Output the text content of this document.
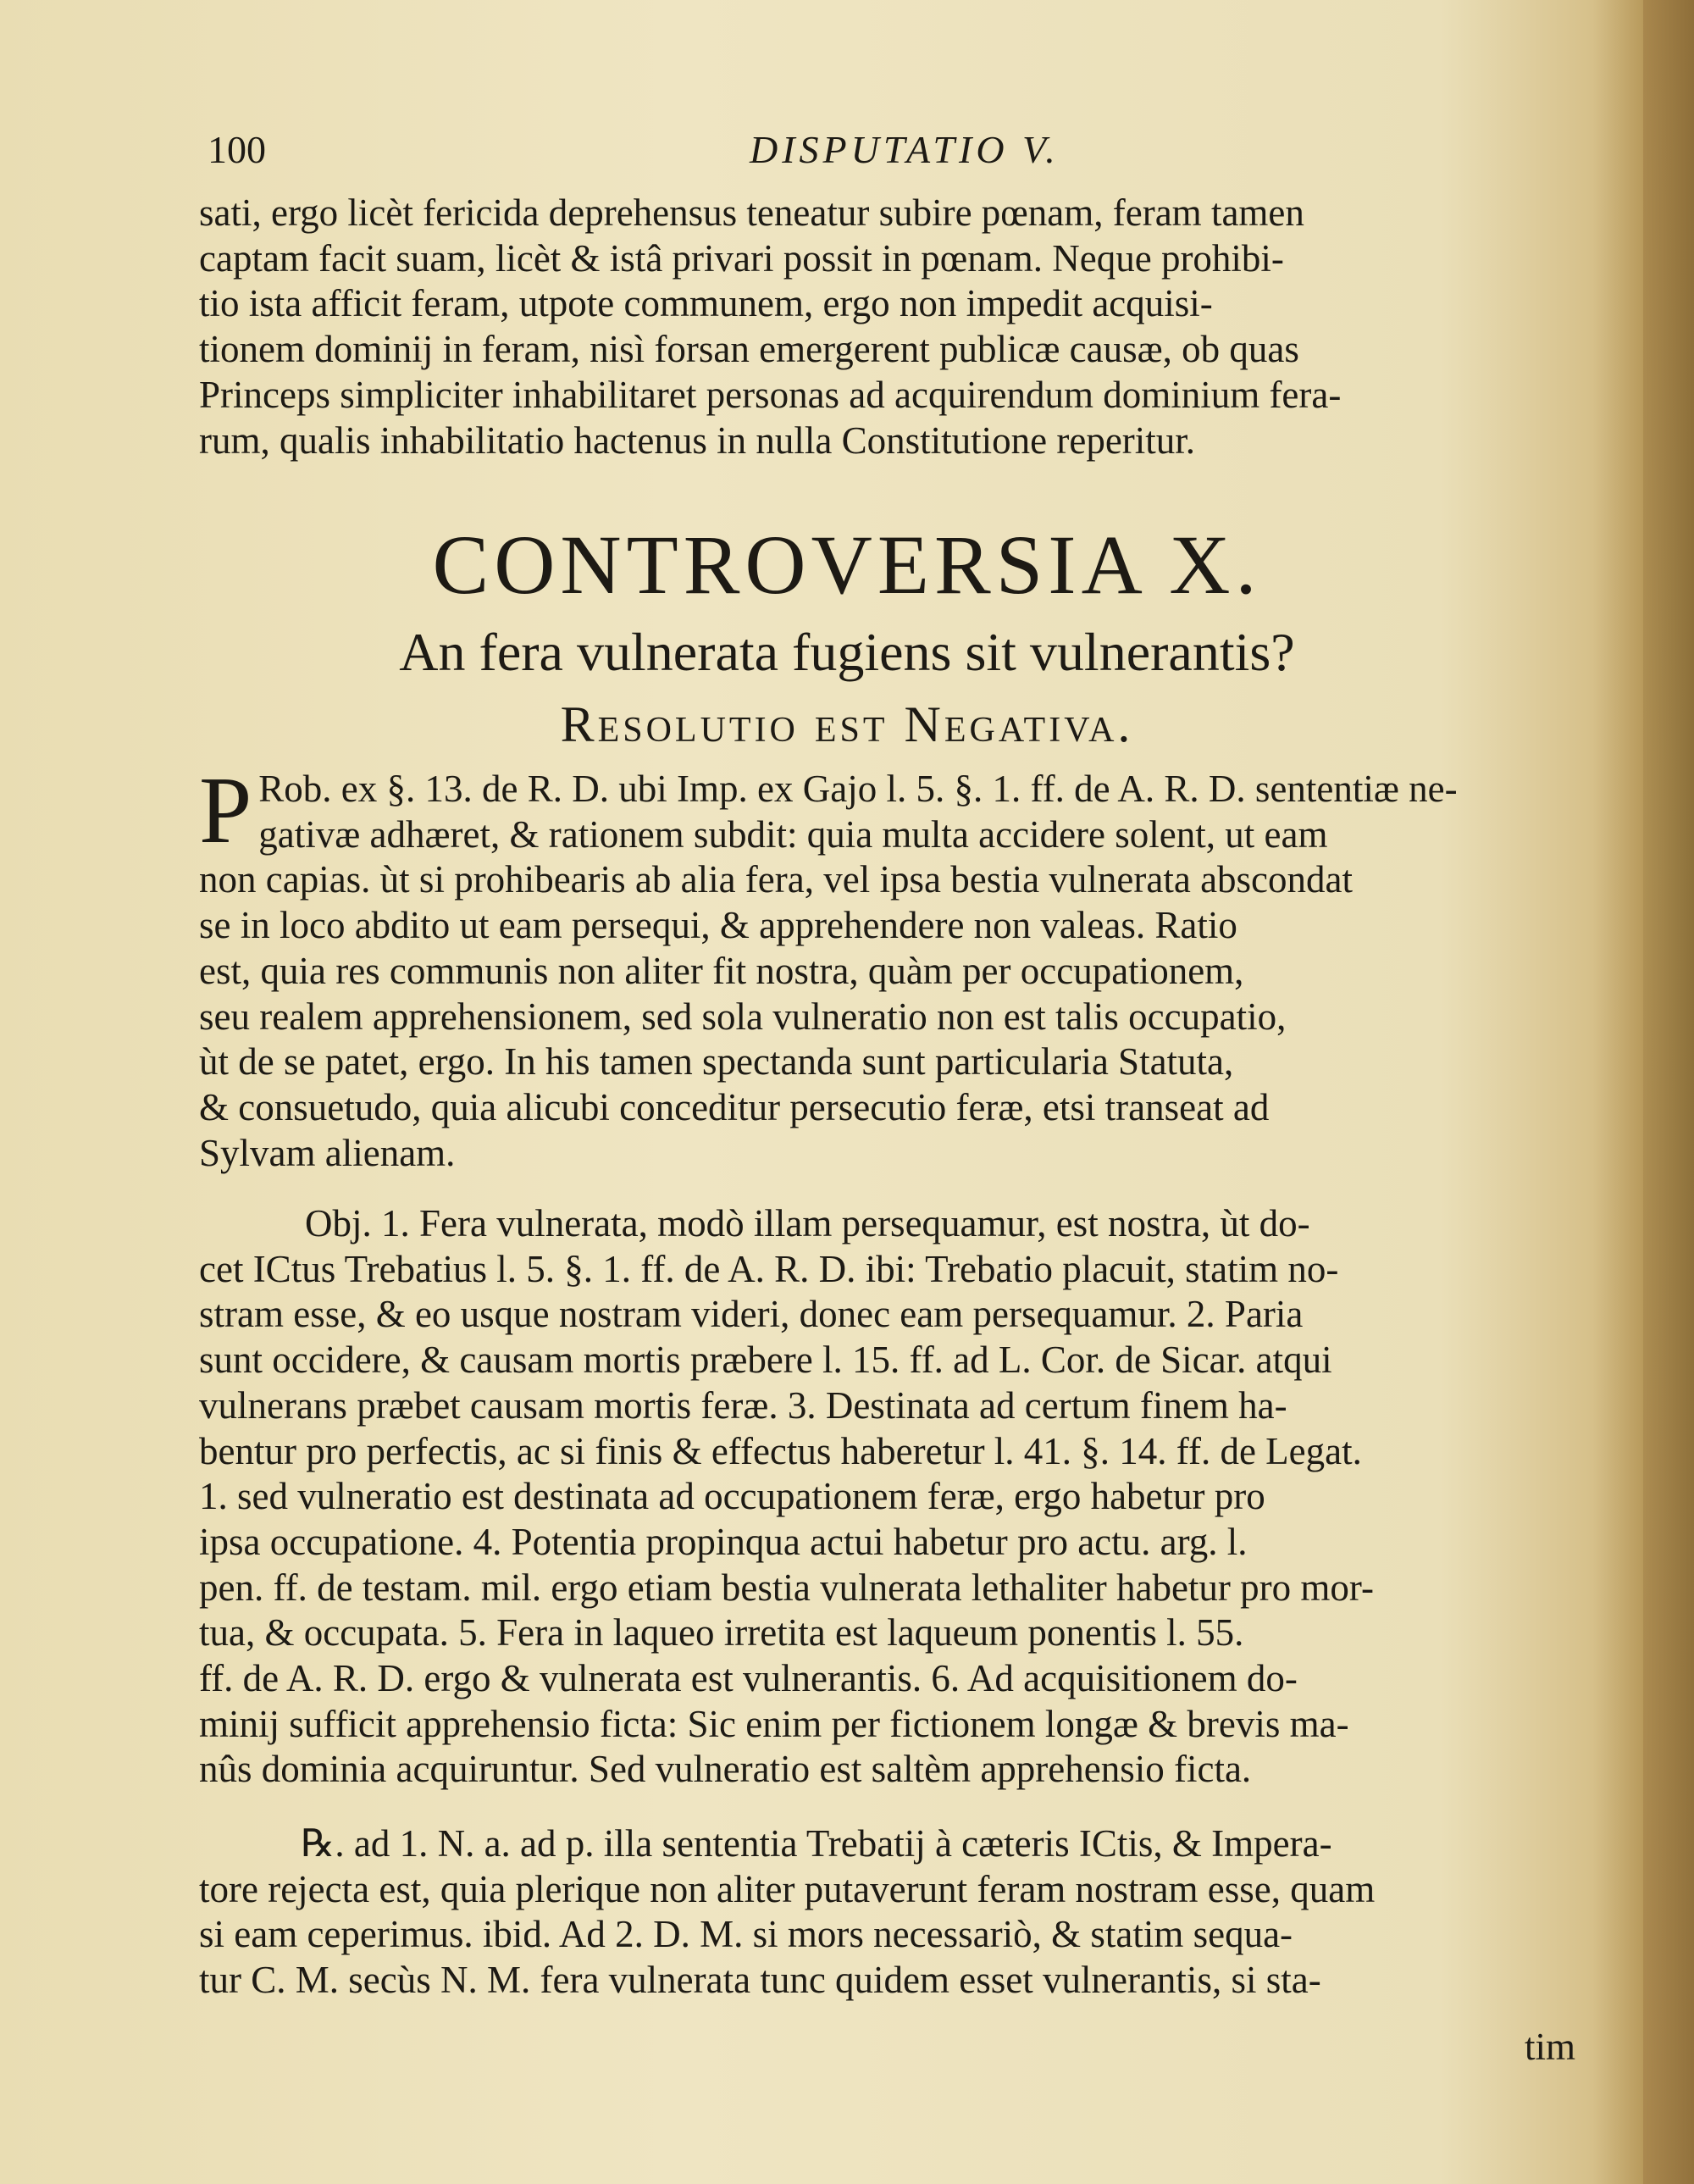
100	DISPUTATIO V.
sati, ergo licèt fericida deprehensus teneatur subire pœnam, feram tamen
captam facit suam, licèt & istâ privari possit in pœnam. Neque prohibi-
tio ista afficit feram, utpote communem, ergo non impedit acquisi-
tionem dominij in feram, nisì forsan emergerent publicæ causæ, ob quas
Princeps simpliciter inhabilitaret personas ad acquirendum dominium fera-
rum, qualis inhabilitatio hactenus in nulla Constitutione reperitur.
CONTROVERSIA X.
An fera vulnerata fugiens sit vulnerantis?
Resolutio est Negativa.
P Rob. ex §. 13. de R. D. ubi Imp. ex Gajo l. 5. §. 1. ff. de A. R. D. sententiæ ne-
gativæ adhæret, & rationem subdit: quia multa accidere solent, ut eam
non capias. ùt si prohibearis ab alia fera, vel ipsa bestia vulnerata abscondat
se in loco abdito ut eam persequi, & apprehendere non valeas. Ratio
est, quia res communis non aliter fit nostra, quàm per occupationem,
seu realem apprehensionem, sed sola vulneratio non est talis occupatio,
ùt de se patet, ergo. In his tamen spectanda sunt particularia Statuta,
& consuetudo, quia alicubi conceditur persecutio feræ, etsi transeat ad
Sylvam alienam.
Obj. 1. Fera vulnerata, modò illam persequamur, est nostra, ùt do-
cet ICtus Trebatius l. 5. §. 1. ff. de A. R. D. ibi: Trebatio placuit, statim no-
stram esse, & eo usque nostram videri, donec eam persequamur. 2. Paria
sunt occidere, & causam mortis præbere l. 15. ff. ad L. Cor. de Sicar. atqui
vulnerans præbet causam mortis feræ. 3. Destinata ad certum finem ha-
bentur pro perfectis, ac si finis & effectus haberetur l. 41. §. 14. ff. de Legat.
1. sed vulneratio est destinata ad occupationem feræ, ergo habetur pro
ipsa occupatione. 4. Potentia propinqua actui habetur pro actu. arg. l.
pen. ff. de testam. mil. ergo etiam bestia vulnerata lethaliter habetur pro mor-
tua, & occupata. 5. Fera in laqueo irretita est laqueum ponentis l. 55.
ff. de A. R. D. ergo & vulnerata est vulnerantis. 6. Ad acquisitionem do-
minij sufficit apprehensio ficta: Sic enim per fictionem longæ & brevis ma-
nûs dominia acquiruntur. Sed vulneratio est saltèm apprehensio ficta.
℞. ad 1. N. a. ad p. illa sententia Trebatij à cæteris ICtis, & Impera-
tore rejecta est, quia plerique non aliter putaverunt feram nostram esse, quam
si eam ceperimus. ibid. Ad 2. D. M. si mors necessariò, & statim sequa-
tur C. M. secùs N. M. fera vulnerata tunc quidem esset vulnerantis, si sta-
tim
